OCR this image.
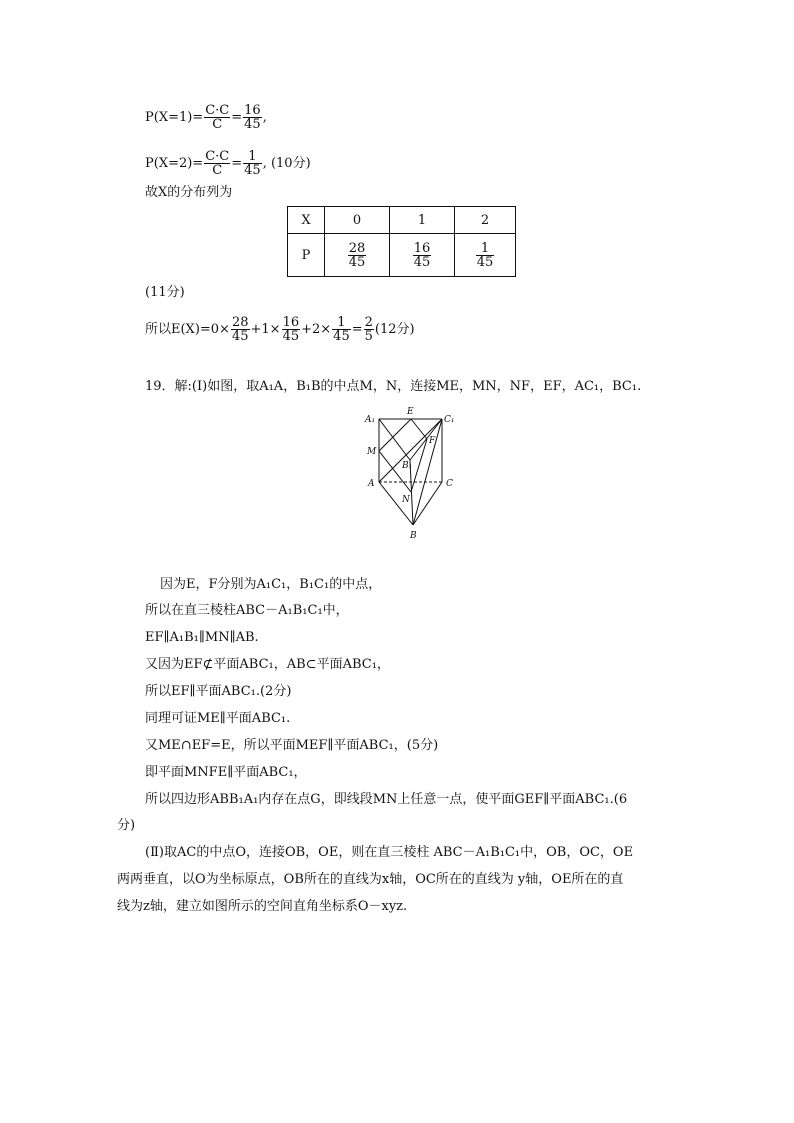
$P(X=1)= \frac{C\cdot C}{C} = \frac{16}{45}$ ,
$P(X=2)= \frac{C\cdot C}{C} = \frac{1}{45}$ , (10分)
故X的分布列为
X	0	1	2
P	$\frac{28}{45}$	$\frac{16}{45}$	$\frac{1}{45}$
(11分)
所以$E(X)=0\times \frac{28}{45} +1\times \frac{16}{45} +2\times \frac{1}{45} = \frac{2}{5} (12$分)
19．解:(Ⅰ)如图，取A₁A，B₁B的中点M，N，连接ME，MN，NF，EF，AC₁，BC₁.
A₁
E
C₁
F
M
B₁
A	C
N
B
因为E，F分别为A₁C₁，B₁C₁的中点，
所以在直三棱柱ABC－A₁B₁C₁中，
EF∥A₁B₁∥MN∥AB.
又因为EF⊄平面ABC₁，AB⊂平面ABC₁，
所以EF∥平面ABC₁.(2分)
同理可证ME∥平面ABC₁.
又ME∩EF=E，所以平面MEF∥平面ABC₁，(5分)
即平面MNFE∥平面ABC₁，
所以四边形ABB₁A₁内存在点G，即线段MN上任意一点，使平面GEF∥平面ABC₁.(6
分)
(Ⅱ)取AC的中点O，连接OB，OE，则在直三棱柱 ABC－A₁B₁C₁中，OB，OC，OE
两两垂直，以O为坐标原点，OB所在的直线为x轴，OC所在的直线为 y轴，OE所在的直
线为z轴，建立如图所示的空间直角坐标系O－xyz.
